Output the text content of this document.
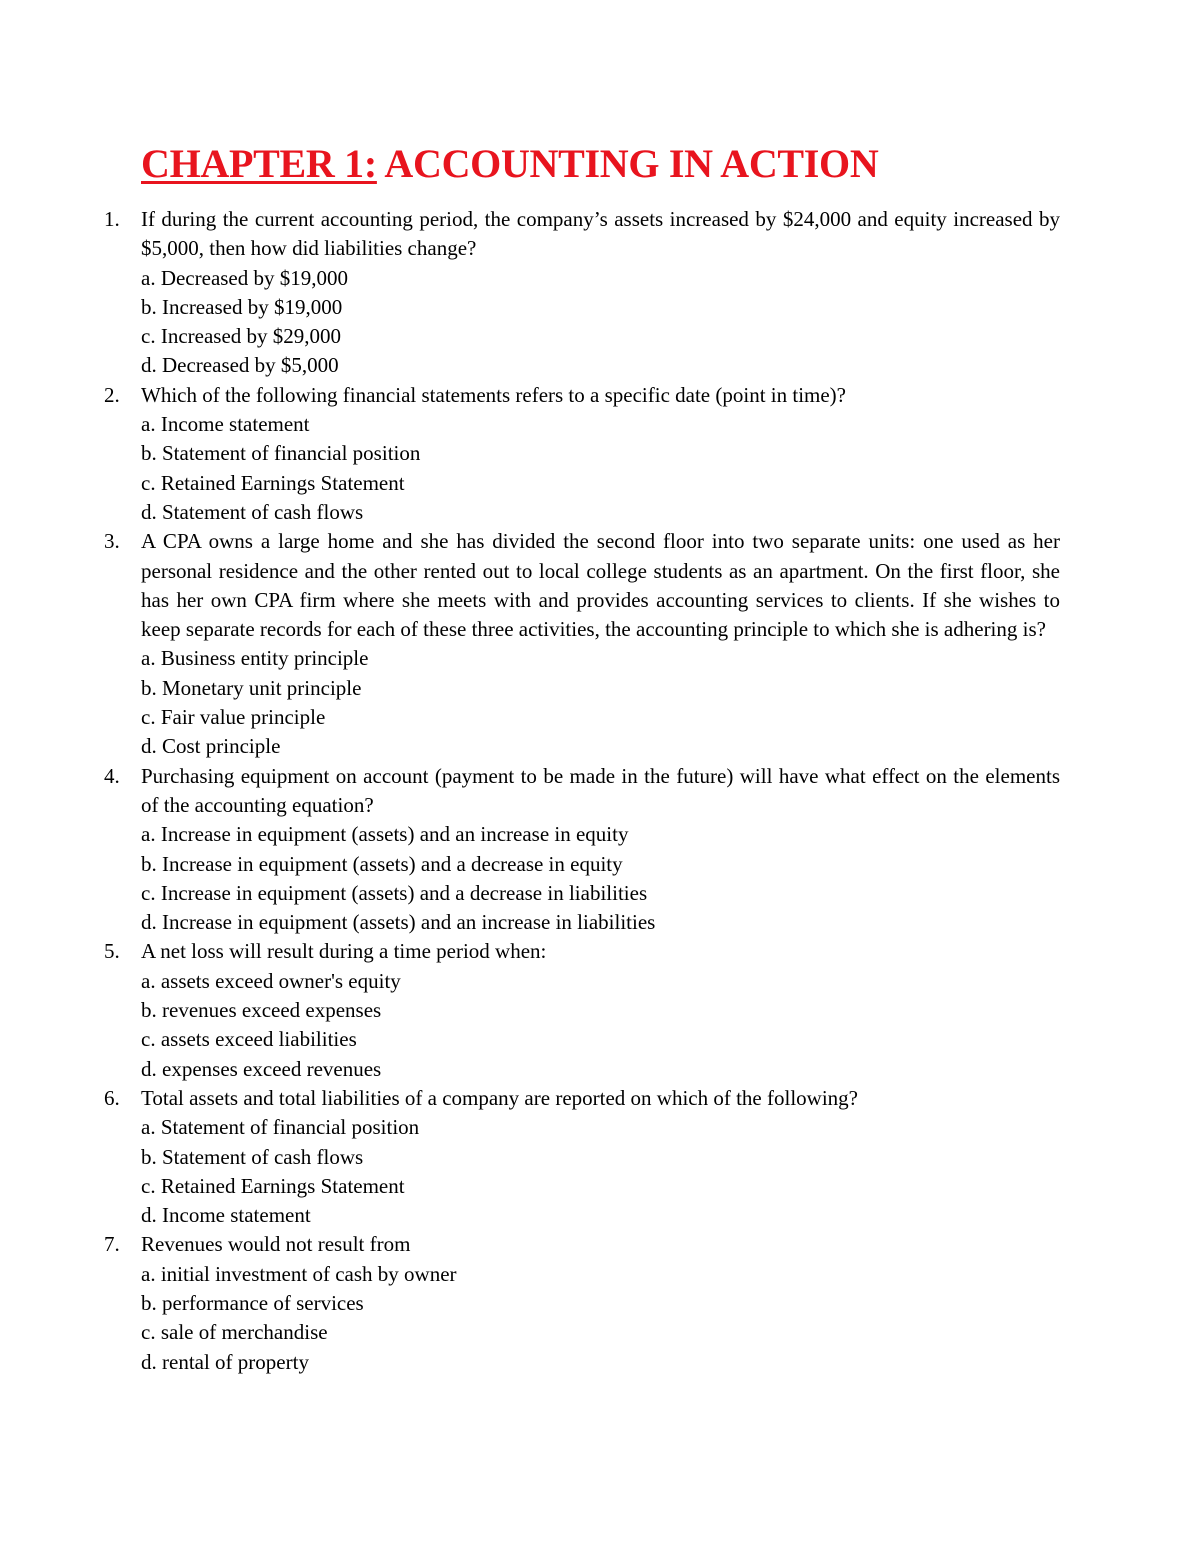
CHAPTER 1: ACCOUNTING IN ACTION
1. If during the current accounting period, the company’s assets increased by $24,000 and equity increased by $5,000, then how did liabilities change?

a. Decreased by $19,000
b. Increased by $19,000
c. Increased by $29,000
d. Decreased by $5,000
2. Which of the following financial statements refers to a specific date (point in time)?

a. Income statement
b. Statement of financial position
c. Retained Earnings Statement
d. Statement of cash flows
3. A CPA owns a large home and she has divided the second floor into two separate units: one used as her personal residence and the other rented out to local college students as an apartment. On the first floor, she has her own CPA firm where she meets with and provides accounting services to clients. If she wishes to keep separate records for each of these three activities, the accounting principle to which she is adhering is?

a. Business entity principle
b. Monetary unit principle
c. Fair value principle
d. Cost principle
4. Purchasing equipment on account (payment to be made in the future) will have what effect on the elements of the accounting equation?

a. Increase in equipment (assets) and an increase in equity
b. Increase in equipment (assets) and a decrease in equity
c. Increase in equipment (assets) and a decrease in liabilities
d. Increase in equipment (assets) and an increase in liabilities
5. A net loss will result during a time period when:

a. assets exceed owner's equity
b. revenues exceed expenses
c. assets exceed liabilities
d. expenses exceed revenues
6. Total assets and total liabilities of a company are reported on which of the following?

a. Statement of financial position
b. Statement of cash flows
c. Retained Earnings Statement
d. Income statement
7. Revenues would not result from

a. initial investment of cash by owner
b. performance of services
c. sale of merchandise
d. rental of property
